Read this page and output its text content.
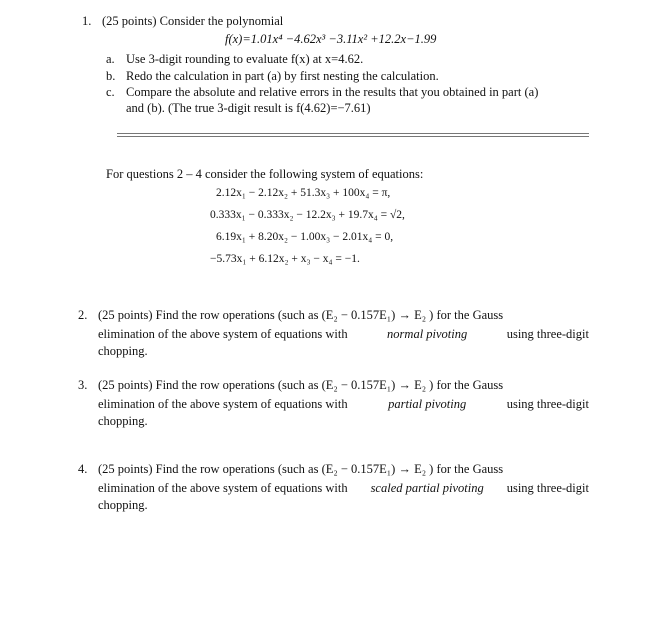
1. (25 points) Consider the polynomial
f(x)=1.01x⁴ −4.62x³ −3.11x² +12.2x−1.99
a. Use 3-digit rounding to evaluate f(x) at x=4.62.
b. Redo the calculation in part (a) by first nesting the calculation.
c. Compare the absolute and relative errors in the results that you obtained in part (a)
and (b). (The true 3-digit result is f(4.62)=−7.61)
For questions 2 – 4 consider the following system of equations:
2.12x₁ − 2.12x₂ + 51.3x₃ + 100x₄ = π,
0.333x₁ − 0.333x₂ − 12.2x₃ + 19.7x₄ = √2,
6.19x₁ + 8.20x₂ − 1.00x₃ − 2.01x₄ = 0,
−5.73x₁ + 6.12x₂ + x₃ − x₄ = −1.
2. (25 points) Find the row operations (such as (E₂ − 0.157E₁) → E₂ ) for the Gauss
elimination of the above system of equations with	normal pivoting	using three-digit
chopping.
3. (25 points) Find the row operations (such as (E₂ − 0.157E₁) → E₂ ) for the Gauss
elimination of the above system of equations with	partial pivoting	using three-digit
chopping.
4. (25 points) Find the row operations (such as (E₂ − 0.157E₁) → E₂ ) for the Gauss
elimination of the above system of equations with scaled partial pivoting using three-digit
chopping.
